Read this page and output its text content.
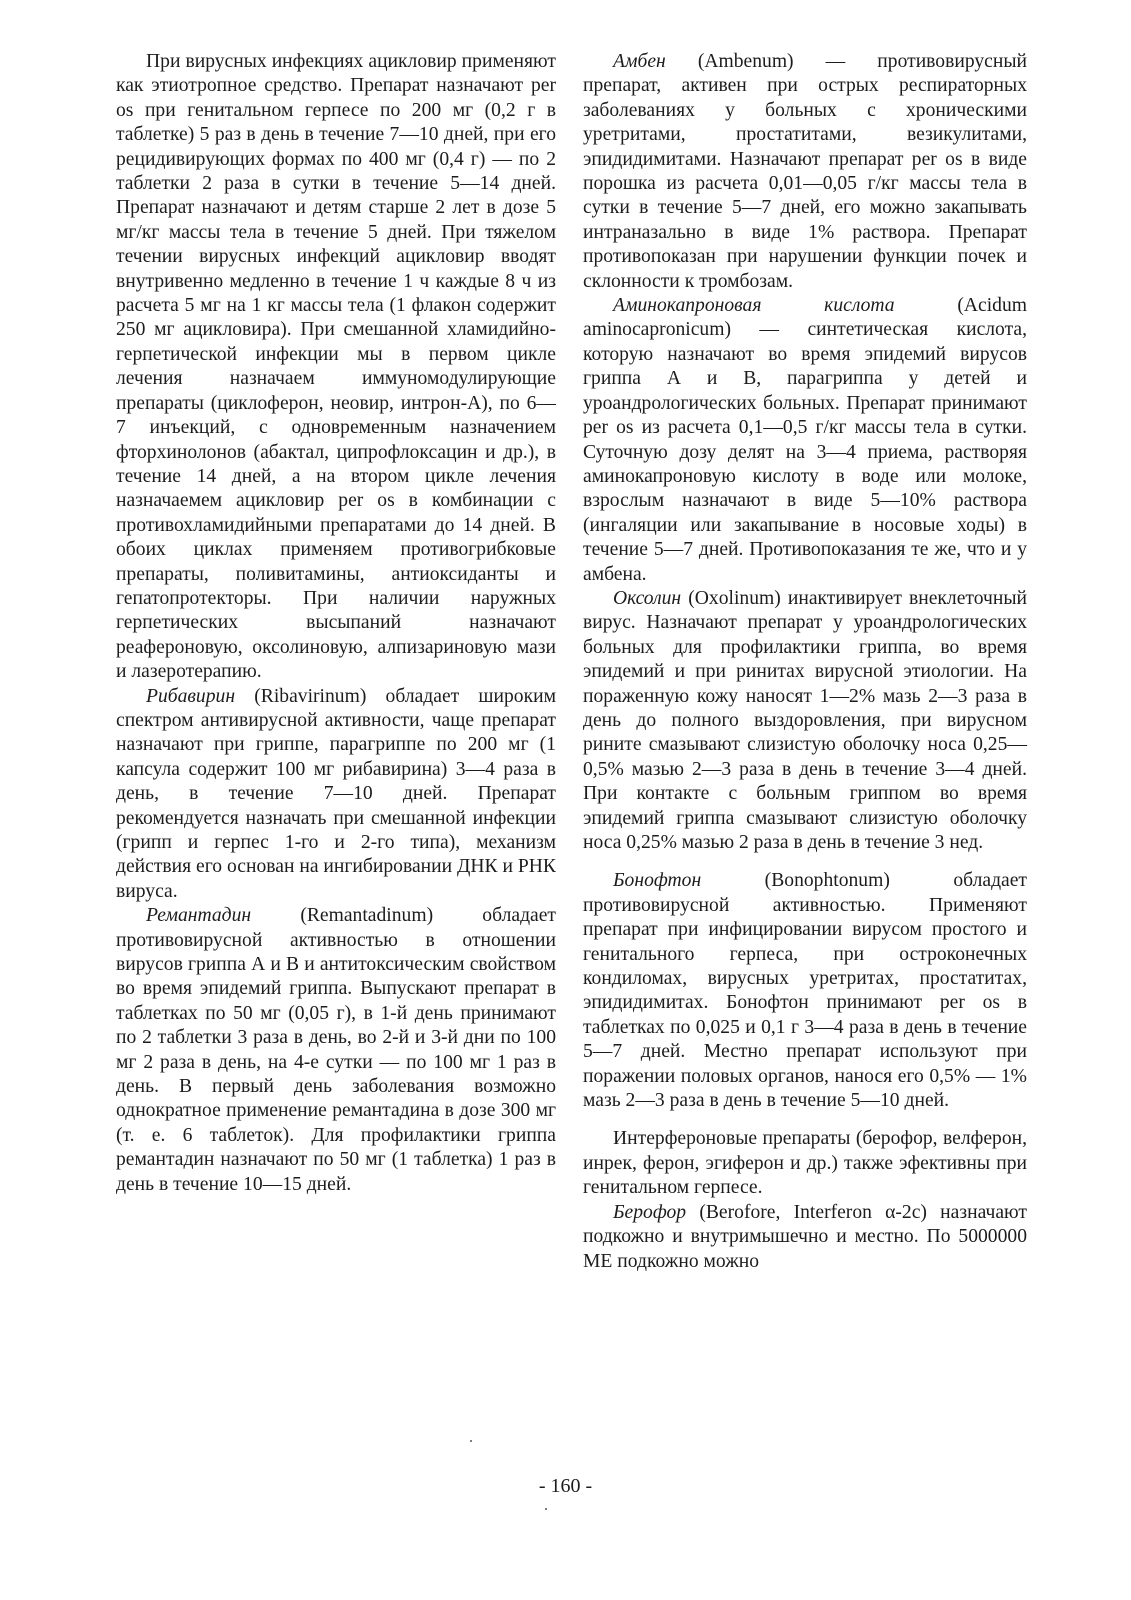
При вирусных инфекциях ацикловир применяют как этиотропное средство. Препарат назначают per os при генитальном герпесе по 200 мг (0,2 г в таблетке) 5 раз в день в течение 7—10 дней, при его рецидивирующих формах по 400 мг (0,4 г) — по 2 таблетки 2 раза в сутки в течение 5—14 дней. Препарат назначают и детям старше 2 лет в дозе 5 мг/кг массы тела в течение 5 дней. При тяжелом течении вирусных инфекций ацикловир вводят внутривенно медленно в течение 1 ч каждые 8 ч из расчета 5 мг на 1 кг массы тела (1 флакон содержит 250 мг ацикловира). При смешанной хламидийно-герпетической инфекции мы в первом цикле лечения назначаем иммуномодулирующие препараты (циклоферон, неовир, интрон-А), по 6—7 инъекций, с одновременным назначением фторхинолонов (абактал, ципрофлоксацин и др.), в течение 14 дней, а на втором цикле лечения назначаемем ацикловир per os в комбинации с противохламидийными препаратами до 14 дней. В обоих циклах применяем противогрибковые препараты, поливитамины, антиоксиданты и гепатопротекторы. При наличии наружных герпетических высыпаний назначают реафероновую, оксолиновую, алпизариновую мази и лазеротерапию.

Рибавирин (Ribavirinum) обладает широким спектром антивирусной активности, чаще препарат назначают при гриппе, парагриппе по 200 мг (1 капсула содержит 100 мг рибавирина) 3—4 раза в день, в течение 7—10 дней. Препарат рекомендуется назначать при смешанной инфекции (грипп и герпес 1-го и 2-го типа), механизм действия его основан на ингибировании ДНК и РНК вируса.

Ремантадин (Remantadinum) обладает противовирусной активностью в отношении вирусов гриппа А и В и антитоксическим свойством во время эпидемий гриппа. Выпускают препарат в таблетках по 50 мг (0,05 г), в 1-й день принимают по 2 таблетки 3 раза в день, во 2-й и 3-й дни по 100 мг 2 раза в день, на 4-е сутки — по 100 мг 1 раз в день. В первый день заболевания возможно однократное применение ремантадина в дозе 300 мг (т. е. 6 таблеток). Для профилактики гриппа ремантадин назначают по 50 мг (1 таблетка) 1 раз в день в течение 10—15 дней.

Амбен (Ambenum) — противовирусный препарат, активен при острых респираторных заболеваниях у больных с хроническими уретритами, простатитами, везикулитами, эпидидимитами. Назначают препарат per os в виде порошка из расчета 0,01—0,05 г/кг массы тела в сутки в течение 5—7 дней, его можно закапывать интраназально в виде 1% раствора. Препарат противопоказан при нарушении функции почек и склонности к тромбозам.

Аминокапроновая кислота (Acidum aminocapronicum) — синтетическая кислота, которую назначают во время эпидемий вирусов гриппа А и В, парагриппа у детей и уроандрологических больных. Препарат принимают per os из расчета 0,1—0,5 г/кг массы тела в сутки. Суточную дозу делят на 3—4 приема, растворяя аминокапроновую кислоту в воде или молоке, взрослым назначают в виде 5—10% раствора (ингаляции или закапывание в носовые ходы) в течение 5—7 дней. Противопоказания те же, что и у амбена.

Оксолин (Oxolinum) инактивирует внеклеточный вирус. Назначают препарат у уроандрологических больных для профилактики гриппа, во время эпидемий и при ринитах вирусной этиологии. На пораженную кожу наносят 1—2% мазь 2—3 раза в день до полного выздоровления, при вирусном рините смазывают слизистую оболочку носа 0,25—0,5% мазью 2—3 раза в день в течение 3—4 дней. При контакте с больным гриппом во время эпидемий гриппа смазывают слизистую оболочку носа 0,25% мазью 2 раза в день в течение 3 нед.

Бонофтон (Bonophtonum) обладает противовирусной активностью. Применяют препарат при инфицировании вирусом простого и генитального герпеса, при остроконечных кондиломах, вирусных уретритах, простатитах, эпидидимитах. Бонофтон принимают per os в таблетках по 0,025 и 0,1 г 3—4 раза в день в течение 5—7 дней. Местно препарат используют при поражении половых органов, нанося его 0,5% — 1% мазь 2—3 раза в день в течение 5—10 дней.

Интерфероновые препараты (берофор, велферон, инрек, ферон, эгиферон и др.) также эфективны при генитальном герпесе.

Берофор (Berofore, Interferon α-2c) назначают подкожно и внутримышечно и местно. По 5000000 МЕ подкожно можно

- 160 -
